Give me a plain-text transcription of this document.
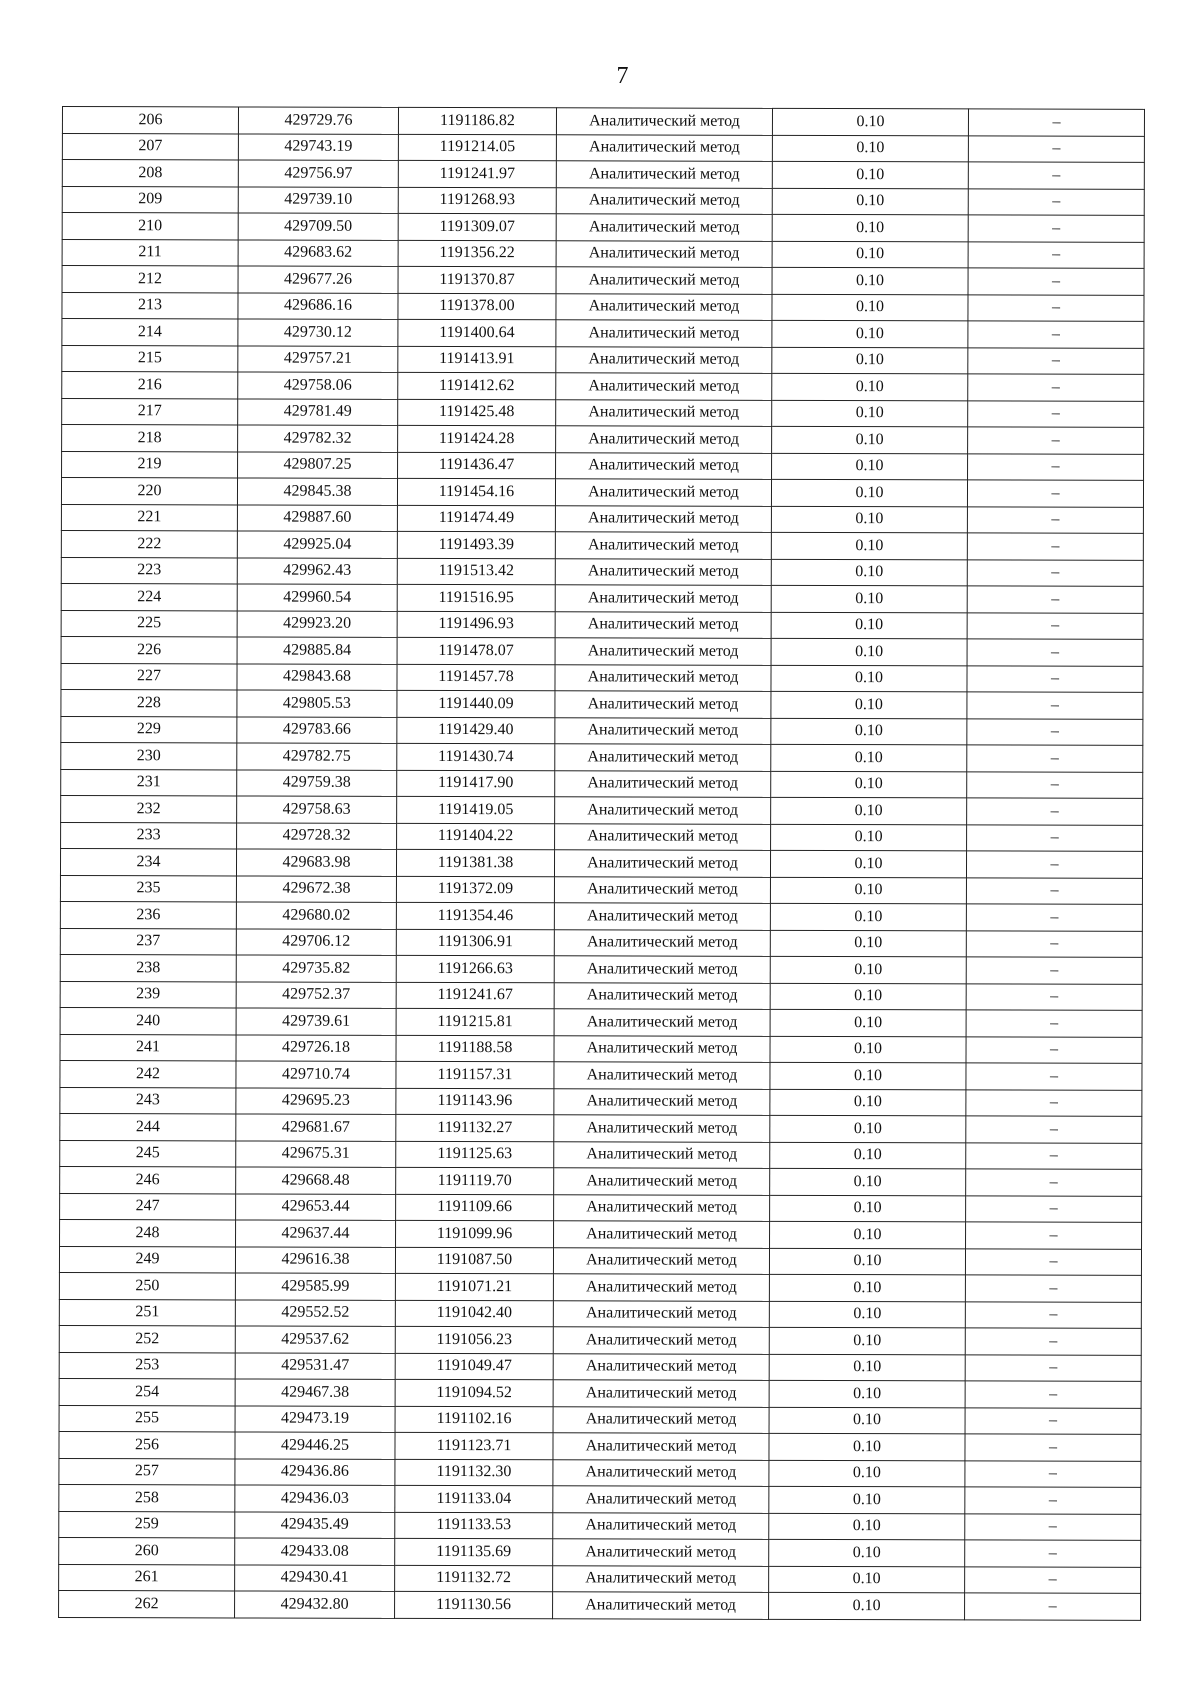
7
206	429729.76	1191186.82	Аналитический метод	0.10	–
207	429743.19	1191214.05	Аналитический метод	0.10	–
208	429756.97	1191241.97	Аналитический метод	0.10	–
209	429739.10	1191268.93	Аналитический метод	0.10	–
210	429709.50	1191309.07	Аналитический метод	0.10	–
211	429683.62	1191356.22	Аналитический метод	0.10	–
212	429677.26	1191370.87	Аналитический метод	0.10	–
213	429686.16	1191378.00	Аналитический метод	0.10	–
214	429730.12	1191400.64	Аналитический метод	0.10	–
215	429757.21	1191413.91	Аналитический метод	0.10	–
216	429758.06	1191412.62	Аналитический метод	0.10	–
217	429781.49	1191425.48	Аналитический метод	0.10	–
218	429782.32	1191424.28	Аналитический метод	0.10	–
219	429807.25	1191436.47	Аналитический метод	0.10	–
220	429845.38	1191454.16	Аналитический метод	0.10	–
221	429887.60	1191474.49	Аналитический метод	0.10	–
222	429925.04	1191493.39	Аналитический метод	0.10	–
223	429962.43	1191513.42	Аналитический метод	0.10	–
224	429960.54	1191516.95	Аналитический метод	0.10	–
225	429923.20	1191496.93	Аналитический метод	0.10	–
226	429885.84	1191478.07	Аналитический метод	0.10	–
227	429843.68	1191457.78	Аналитический метод	0.10	–
228	429805.53	1191440.09	Аналитический метод	0.10	–
229	429783.66	1191429.40	Аналитический метод	0.10	–
230	429782.75	1191430.74	Аналитический метод	0.10	–
231	429759.38	1191417.90	Аналитический метод	0.10	–
232	429758.63	1191419.05	Аналитический метод	0.10	–
233	429728.32	1191404.22	Аналитический метод	0.10	–
234	429683.98	1191381.38	Аналитический метод	0.10	–
235	429672.38	1191372.09	Аналитический метод	0.10	–
236	429680.02	1191354.46	Аналитический метод	0.10	–
237	429706.12	1191306.91	Аналитический метод	0.10	–
238	429735.82	1191266.63	Аналитический метод	0.10	–
239	429752.37	1191241.67	Аналитический метод	0.10	–
240	429739.61	1191215.81	Аналитический метод	0.10	–
241	429726.18	1191188.58	Аналитический метод	0.10	–
242	429710.74	1191157.31	Аналитический метод	0.10	–
243	429695.23	1191143.96	Аналитический метод	0.10	–
244	429681.67	1191132.27	Аналитический метод	0.10	–
245	429675.31	1191125.63	Аналитический метод	0.10	–
246	429668.48	1191119.70	Аналитический метод	0.10	–
247	429653.44	1191109.66	Аналитический метод	0.10	–
248	429637.44	1191099.96	Аналитический метод	0.10	–
249	429616.38	1191087.50	Аналитический метод	0.10	–
250	429585.99	1191071.21	Аналитический метод	0.10	–
251	429552.52	1191042.40	Аналитический метод	0.10	–
252	429537.62	1191056.23	Аналитический метод	0.10	–
253	429531.47	1191049.47	Аналитический метод	0.10	–
254	429467.38	1191094.52	Аналитический метод	0.10	–
255	429473.19	1191102.16	Аналитический метод	0.10	–
256	429446.25	1191123.71	Аналитический метод	0.10	–
257	429436.86	1191132.30	Аналитический метод	0.10	–
258	429436.03	1191133.04	Аналитический метод	0.10	–
259	429435.49	1191133.53	Аналитический метод	0.10	–
260	429433.08	1191135.69	Аналитический метод	0.10	–
261	429430.41	1191132.72	Аналитический метод	0.10	–
262	429432.80	1191130.56	Аналитический метод	0.10	–
